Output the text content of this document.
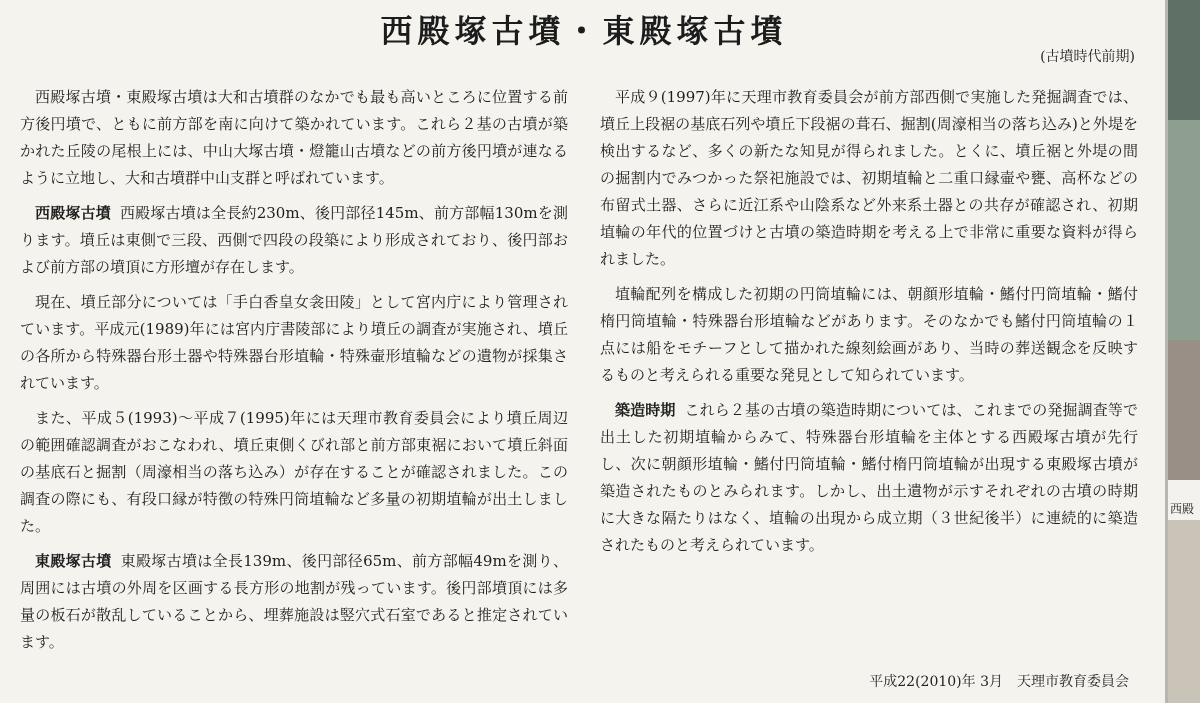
西殿塚古墳・東殿塚古墳
(古墳時代前期)

西殿塚古墳・東殿塚古墳は大和古墳群のなかでも最も高いところに位置する前方後円墳で、ともに前方部を南に向けて築かれています。これら２基の古墳が築かれた丘陵の尾根上には、中山大塚古墳・燈籠山古墳などの前方後円墳が連なるように立地し、大和古墳群中山支群と呼ばれています。

西殿塚古墳 西殿塚古墳は全長約230m、後円部径145m、前方部幅130mを測ります。墳丘は東側で三段、西側で四段の段築により形成されており、後円部および前方部の墳頂に方形壇が存在します。

現在、墳丘部分については「手白香皇女衾田陵」として宮内庁により管理されています。平成元(1989)年には宮内庁書陵部により墳丘の調査が実施され、墳丘の各所から特殊器台形土器や特殊器台形埴輪・特殊壷形埴輪などの遺物が採集されています。

また、平成５(1993)〜平成７(1995)年には天理市教育委員会により墳丘周辺の範囲確認調査がおこなわれ、墳丘東側くびれ部と前方部東裾において墳丘斜面の基底石と掘割（周濠相当の落ち込み）が存在することが確認されました。この調査の際にも、有段口縁が特徴の特殊円筒埴輪など多量の初期埴輪が出土しました。

東殿塚古墳 東殿塚古墳は全長139m、後円部径65m、前方部幅49mを測り、周囲には古墳の外周を区画する長方形の地割が残っています。後円部墳頂には多量の板石が散乱していることから、埋葬施設は竪穴式石室であると推定されています。

平成９(1997)年に天理市教育委員会が前方部西側で実施した発掘調査では、墳丘上段裾の基底石列や墳丘下段裾の葺石、掘割(周濠相当の落ち込み)と外堤を検出するなど、多くの新たな知見が得られました。とくに、墳丘裾と外堤の間の掘割内でみつかった祭祀施設では、初期埴輪と二重口縁壷や甕、高杯などの布留式土器、さらに近江系や山陰系など外来系土器との共存が確認され、初期埴輪の年代的位置づけと古墳の築造時期を考える上で非常に重要な資料が得られました。

埴輪配列を構成した初期の円筒埴輪には、朝顔形埴輪・鰭付円筒埴輪・鰭付楕円筒埴輪・特殊器台形埴輪などがあります。そのなかでも鰭付円筒埴輪の１点には船をモチーフとして描かれた線刻絵画があり、当時の葬送観念を反映するものと考えられる重要な発見として知られています。

築造時期 これら２基の古墳の築造時期については、これまでの発掘調査等で出土した初期埴輪からみて、特殊器台形埴輪を主体とする西殿塚古墳が先行し、次に朝顔形埴輪・鰭付円筒埴輪・鰭付楕円筒埴輪が出現する東殿塚古墳が築造されたものとみられます。しかし、出土遺物が示すそれぞれの古墳の時期に大きな隔たりはなく、埴輪の出現から成立期（３世紀後半）に連続的に築造されたものと考えられています。

平成22(2010)年 3月　天理市教育委員会
西殿
